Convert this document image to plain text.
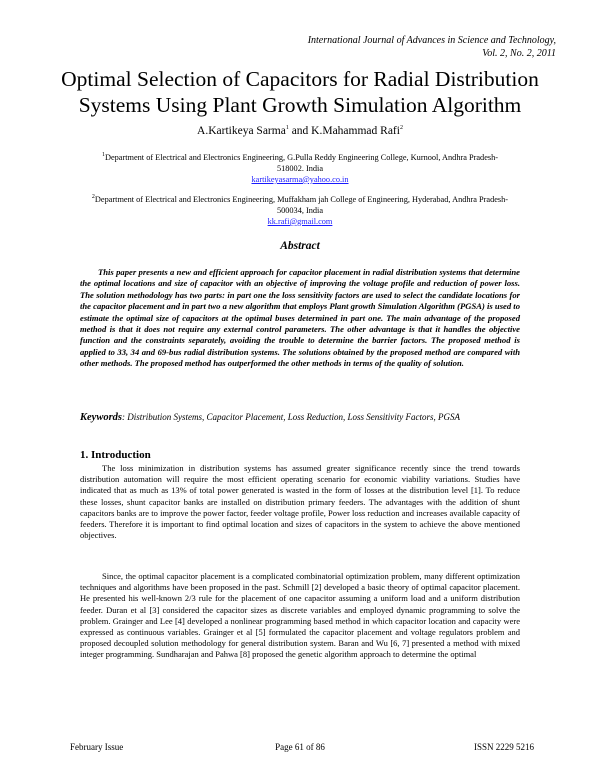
International Journal of Advances in Science and Technology,
Vol. 2, No. 2, 2011
Optimal Selection of Capacitors for Radial Distribution Systems Using Plant Growth Simulation Algorithm
A.Kartikeya Sarma$^1$ and K.Mahammad Rafi$^2$
$^1$Department of Electrical and Electronics Engineering, G.Pulla Reddy Engineering College, Kurnool, Andhra Pradesh-518002. India
kartikeyasarma@yahoo.co.in
$^2$Department of Electrical and Electronics Engineering, Muffakham jah College of Engineering, Hyderabad, Andhra Pradesh-500034, India
kk.rafi@gmail.com
Abstract
This paper presents a new and efficient approach for capacitor placement in radial distribution systems that determine the optimal locations and size of capacitor with an objective of improving the voltage profile and reduction of power loss. The solution methodology has two parts: in part one the loss sensitivity factors are used to select the candidate locations for the capacitor placement and in part two a new algorithm that employs Plant growth Simulation Algorithm (PGSA) is used to estimate the optimal size of capacitors at the optimal buses determined in part one. The main advantage of the proposed method is that it does not require any external control parameters. The other advantage is that it handles the objective function and the constraints separately, avoiding the trouble to determine the barrier factors. The proposed method is applied to 33, 34 and 69-bus radial distribution systems. The solutions obtained by the proposed method are compared with other methods. The proposed method has outperformed the other methods in terms of the quality of solution.
Keywords: Distribution Systems, Capacitor Placement, Loss Reduction, Loss Sensitivity Factors, PGSA
1. Introduction

The loss minimization in distribution systems has assumed greater significance recently since the trend towards distribution automation will require the most efficient operating scenario for economic viability variations. Studies have indicated that as much as 13% of total power generated is wasted in the form of losses at the distribution level [1]. To reduce these losses, shunt capacitor banks are installed on distribution primary feeders. The advantages with the addition of shunt capacitors banks are to improve the power factor, feeder voltage profile, Power loss reduction and increases available capacity of feeders. Therefore it is important to find optimal location and sizes of capacitors in the system to achieve the above mentioned objectives.

Since, the optimal capacitor placement is a complicated combinatorial optimization problem, many different optimization techniques and algorithms have been proposed in the past. Schmill [2] developed a basic theory of optimal capacitor placement. He presented his well-known 2/3 rule for the placement of one capacitor assuming a uniform load and a uniform distribution feeder. Duran et al [3] considered the capacitor sizes as discrete variables and employed dynamic programming to solve the problem. Grainger and Lee [4] developed a nonlinear programming based method in which capacitor location and capacity were expressed as continuous variables. Grainger et al [5] formulated the capacitor placement and voltage regulators problem and proposed decoupled solution methodology for general distribution system. Baran and Wu [6, 7] presented a method with mixed integer programming. Sundharajan and Pahwa [8] proposed the genetic algorithm approach to determine the optimal

February Issue	Page 61 of 86	ISSN 2229 5216
